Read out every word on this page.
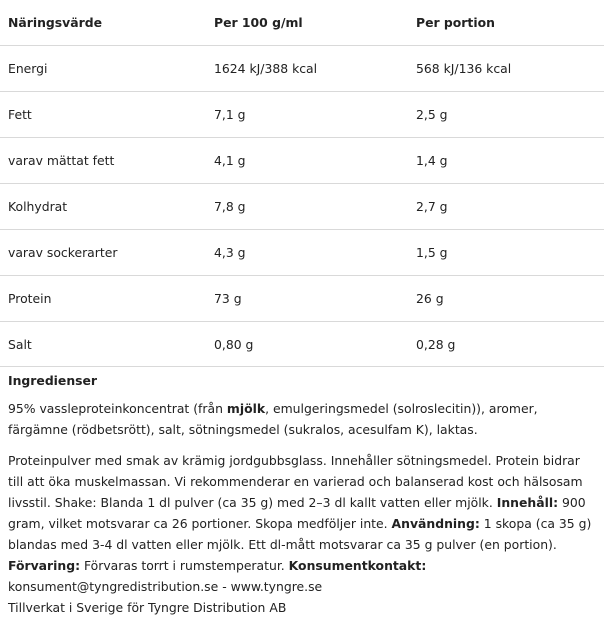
Näringsvärde	Per 100 g/ml	Per portion
Energi	1624 kJ/388 kcal	568 kJ/136 kcal
Fett	7,1 g	2,5 g
varav mättat fett	4,1 g	1,4 g
Kolhydrat	7,8 g	2,7 g
varav sockerarter	4,3 g	1,5 g
Protein	73 g	26 g
Salt	0,80 g	0,28 g
Ingredienser
95% vassleproteinkoncentrat (från mjölk, emulgeringsmedel (solroslecitin)), aromer, färgämne (rödbetsrött), salt, sötningsmedel (sukralos, acesulfam K), laktas.
Proteinpulver med smak av krämig jordgubbsglass. Innehåller sötningsmedel. Protein bidrar till att öka muskelmassan. Vi rekommenderar en varierad och balanserad kost och hälsosam livsstil. Shake: Blanda 1 dl pulver (ca 35 g) med 2–3 dl kallt vatten eller mjölk. Innehåll: 900 gram, vilket motsvarar ca 26 portioner. Skopa medföljer inte. Användning: 1 skopa (ca 35 g) blandas med 3-4 dl vatten eller mjölk. Ett dl-mått motsvarar ca 35 g pulver (en portion). Förvaring: Förvaras torrt i rumstemperatur. Konsumentkontakt: konsument@tyngredistribution.se - www.tyngre.se
Tillverkat i Sverige för Tyngre Distribution AB
